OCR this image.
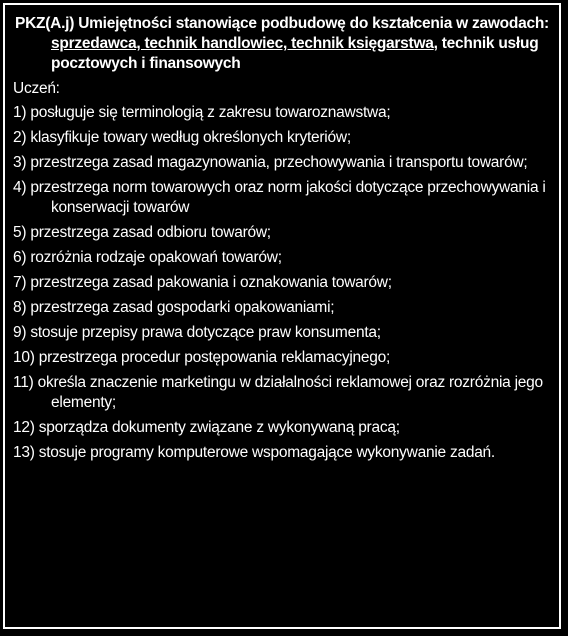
PKZ(A.j) Umiejętności stanowiące podbudowę do kształcenia w zawodach: sprzedawca, technik handlowiec, technik księgarstwa, technik usług pocztowych i finansowych
Uczeń:
1) posługuje się terminologią z zakresu towaroznawstwa;
2) klasyfikuje towary według określonych kryteriów;
3) przestrzega zasad magazynowania, przechowywania i transportu towarów;
4) przestrzega norm towarowych oraz norm jakości dotyczące przechowywania i konserwacji towarów
5) przestrzega zasad odbioru towarów;
6) rozróżnia rodzaje opakowań towarów;
7) przestrzega zasad pakowania i oznakowania towarów;
8) przestrzega zasad gospodarki opakowaniami;
9) stosuje przepisy prawa dotyczące praw konsumenta;
10) przestrzega procedur postępowania reklamacyjnego;
11) określa znaczenie marketingu w działalności reklamowej oraz rozróżnia jego elementy;
12) sporządza dokumenty związane z wykonywaną pracą;
13) stosuje programy komputerowe wspomagające wykonywanie zadań.
